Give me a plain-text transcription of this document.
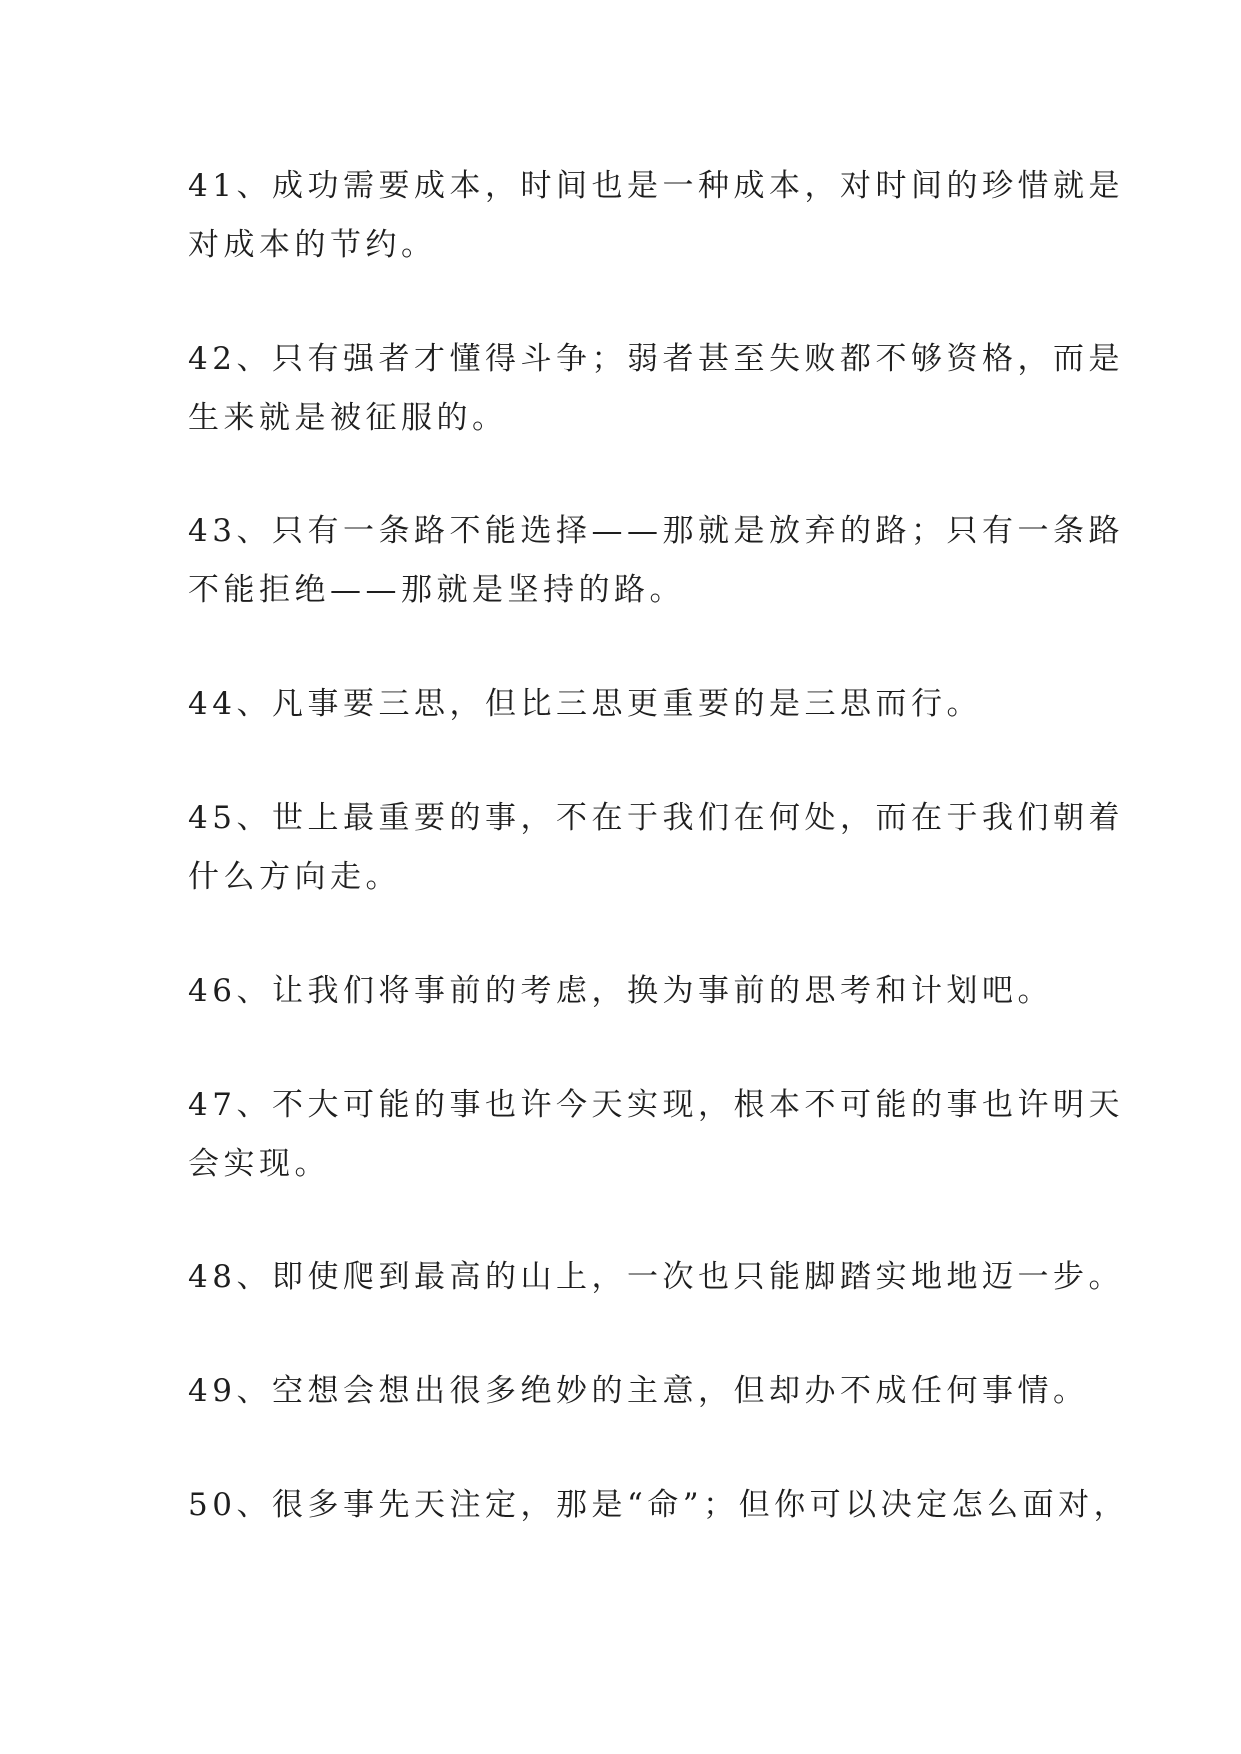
41、成功需要成本，时间也是一种成本，对时间的珍惜就是
对成本的节约。
42、只有强者才懂得斗争；弱者甚至失败都不够资格，而是
生来就是被征服的。
43、只有一条路不能选择——那就是放弃的路；只有一条路
不能拒绝——那就是坚持的路。
44、凡事要三思，但比三思更重要的是三思而行。
45、世上最重要的事，不在于我们在何处，而在于我们朝着
什么方向走。
46、让我们将事前的考虑，换为事前的思考和计划吧。
47、不大可能的事也许今天实现，根本不可能的事也许明天
会实现。
48、即使爬到最高的山上，一次也只能脚踏实地地迈一步。
49、空想会想出很多绝妙的主意，但却办不成任何事情。
50、很多事先天注定，那是“命”；但你可以决定怎么面对，
